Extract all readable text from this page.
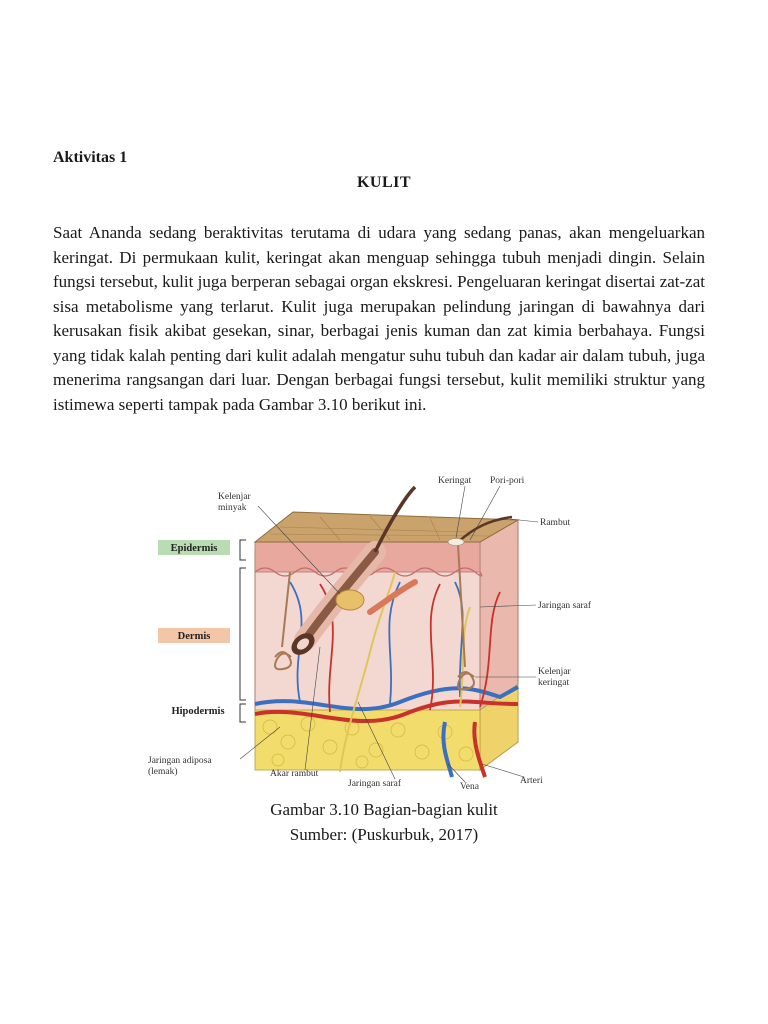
Aktivitas 1
KULIT
Saat Ananda sedang beraktivitas terutama di udara yang sedang panas, akan mengeluarkan keringat. Di permukaan kulit, keringat akan menguap sehingga tubuh menjadi dingin. Selain fungsi tersebut, kulit juga berperan sebagai organ ekskresi. Pengeluaran keringat disertai zat-zat sisa metabolisme yang terlarut. Kulit juga merupakan pelindung jaringan di bawahnya dari kerusakan fisik akibat gesekan, sinar, berbagai jenis kuman dan zat kimia berbahaya. Fungsi yang tidak kalah penting dari kulit adalah mengatur suhu tubuh dan kadar air dalam tubuh, juga menerima rangsangan dari luar. Dengan berbagai fungsi tersebut, kulit memiliki struktur yang istimewa seperti tampak pada Gambar 3.10 berikut ini.
Epidermis
Dermis
Hipodermis
Kelenjar
minyak
Keringat Pori-pori
Rambut
Jaringan saraf
Kelenjar
keringat
Jaringan adiposa
(lemak)	Akar rambut
Jaringan saraf	Vena
Arteri
Gambar 3.10 Bagian-bagian kulit
Sumber: (Puskurbuk, 2017)
